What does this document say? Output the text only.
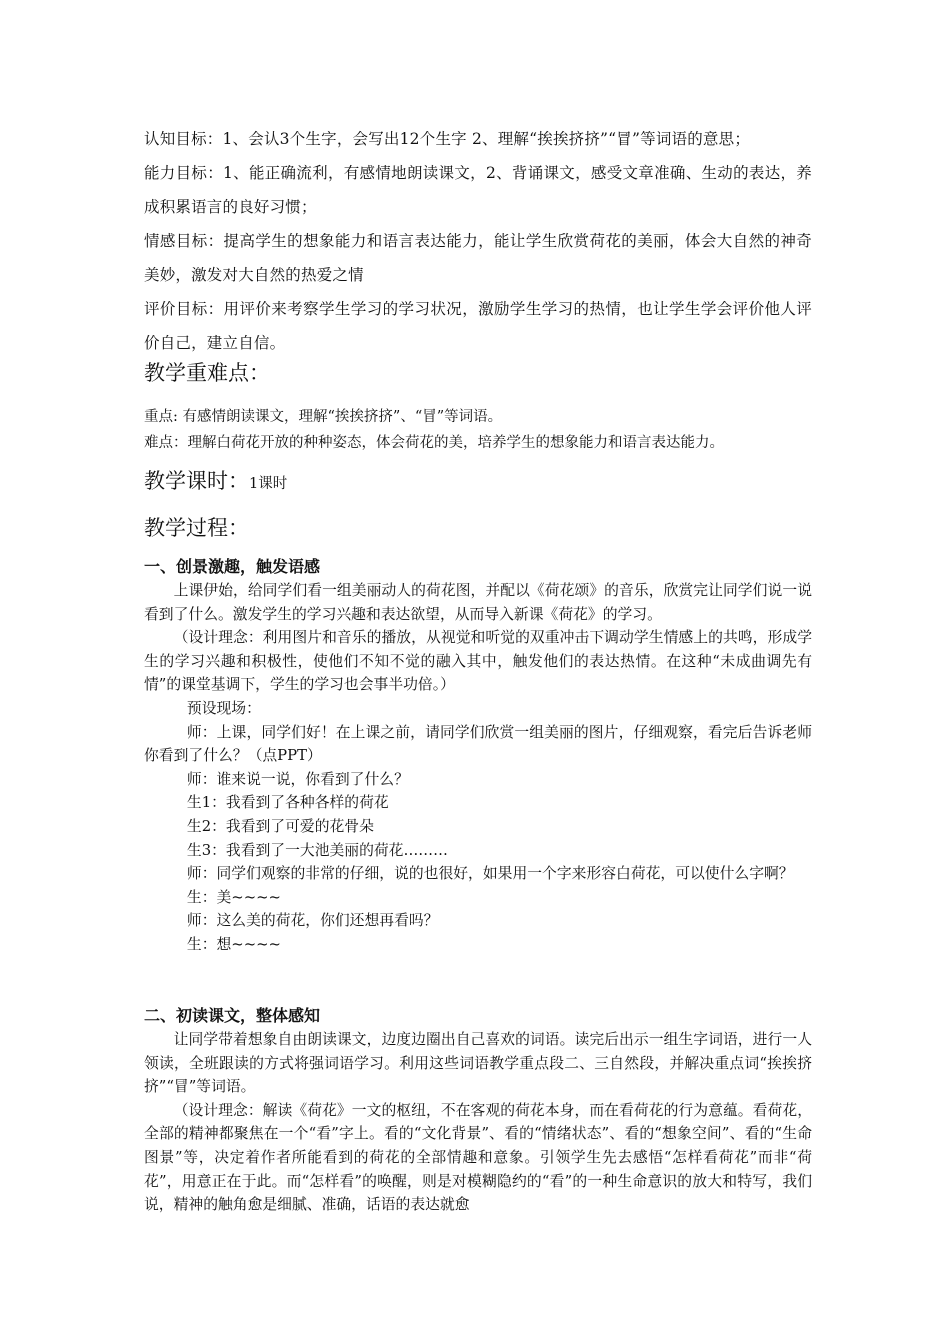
认知目标：1、会认3个生字，会写出12个生字 2、理解“挨挨挤挤”“冒”等词语的意思；

能力目标：1、能正确流利，有感情地朗读课文，2、背诵课文，感受文章准确、生动的表达，养成积累语言的良好习惯；

情感目标：提高学生的想象能力和语言表达能力，能让学生欣赏荷花的美丽，体会大自然的神奇美妙，激发对大自然的热爱之情

评价目标：用评价来考察学生学习的学习状况，激励学生学习的热情，也让学生学会评价他人评价自己，建立自信。

教学重难点：

重点: 有感情朗读课文，理解“挨挨挤挤”、“冒”等词语。

难点：理解白荷花开放的种种姿态，体会荷花的美，培养学生的想象能力和语言表达能力。

教学课时：1课时
教学过程：
一、创景激趣，触发语感

上课伊始，给同学们看一组美丽动人的荷花图，并配以《荷花颂》的音乐，欣赏完让同学们说一说看到了什么。激发学生的学习兴趣和表达欲望，从而导入新课《荷花》的学习。

（设计理念：利用图片和音乐的播放，从视觉和听觉的双重冲击下调动学生情感上的共鸣，形成学生的学习兴趣和积极性，使他们不知不觉的融入其中，触发他们的表达热情。在这种“未成曲调先有情”的课堂基调下，学生的学习也会事半功倍。）

预设现场：

师：上课，同学们好！在上课之前，请同学们欣赏一组美丽的图片，仔细观察，看完后告诉老师你看到了什么？（点PPT）

师：谁来说一说，你看到了什么？

生1：我看到了各种各样的荷花

生2：我看到了可爱的花骨朵

生3：我看到了一大池美丽的荷花………

师：同学们观察的非常的仔细，说的也很好，如果用一个字来形容白荷花，可以使什么字啊？

生：美~~~~

师：这么美的荷花，你们还想再看吗？

生：想~~~~

二、初读课文，整体感知

让同学带着想象自由朗读课文，边度边圈出自己喜欢的词语。读完后出示一组生字词语，进行一人领读，全班跟读的方式将强词语学习。利用这些词语教学重点段二、三自然段，并解决重点词“挨挨挤挤”“冒”等词语。

（设计理念：解读《荷花》一文的枢纽，不在客观的荷花本身，而在看荷花的行为意蕴。看荷花，全部的精神都聚焦在一个“看”字上。看的“文化背景”、看的“情绪状态”、看的“想象空间”、看的“生命图景”等，决定着作者所能看到的荷花的全部情趣和意象。引领学生先去感悟“怎样看荷花”而非“荷花”，用意正在于此。而“怎样看”的唤醒，则是对模糊隐约的“看”的一种生命意识的放大和特写，我们说，精神的触角愈是细腻、准确，话语的表达就愈
